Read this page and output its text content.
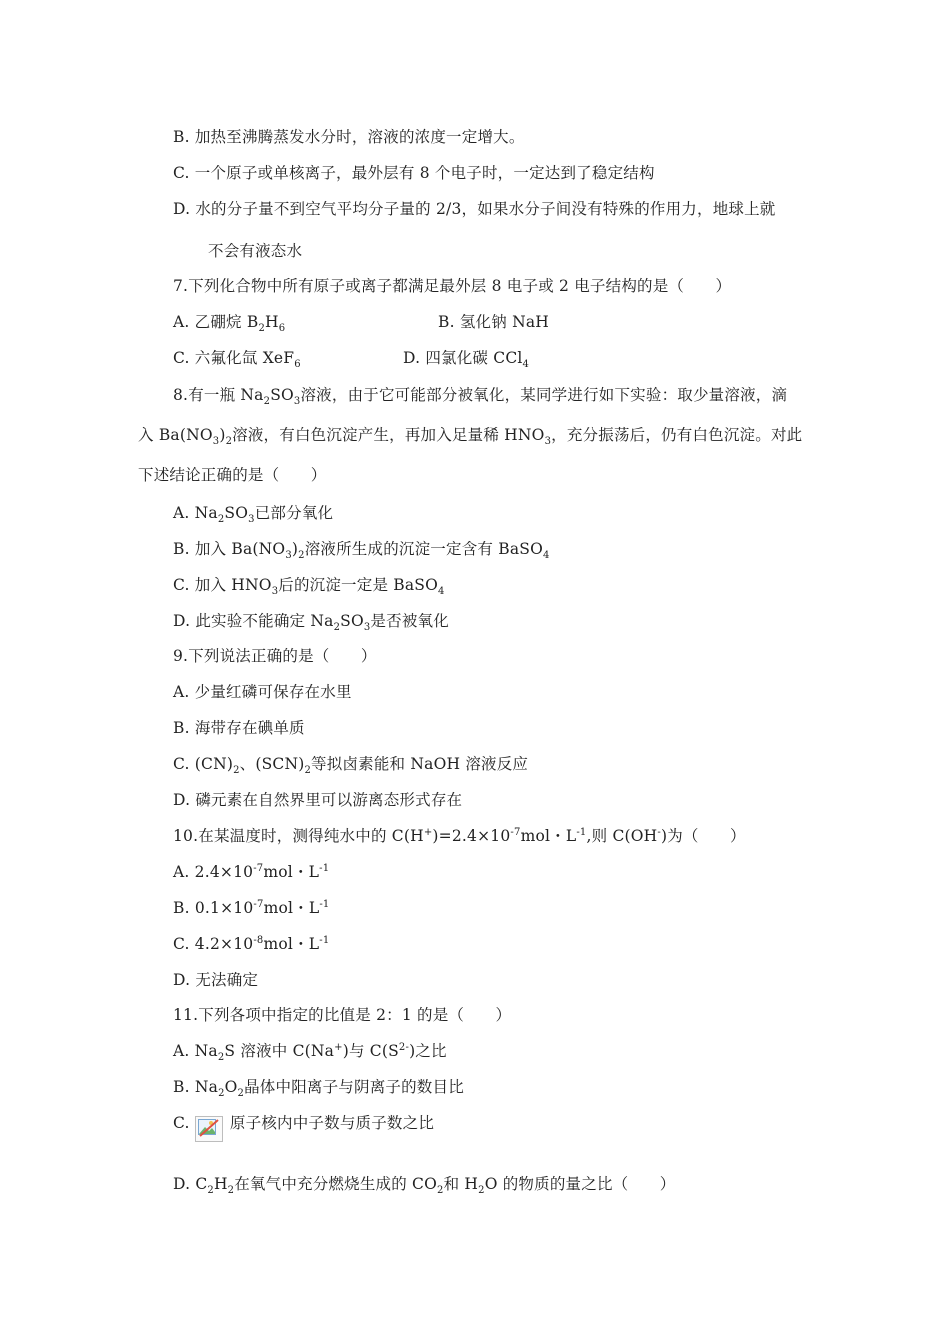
B. 加热至沸腾蒸发水分时，溶液的浓度一定增大。
C. 一个原子或单核离子，最外层有 8 个电子时，一定达到了稳定结构
D. 水的分子量不到空气平均分子量的 2/3，如果水分子间没有特殊的作用力，地球上就
不会有液态水
7.下列化合物中所有原子或离子都满足最外层 8 电子或 2 电子结构的是（　　）
A. 乙硼烷 $B_2H_6$	B. 氢化钠 NaH
C. 六氟化氙 XeF$_6$	D. 四氯化碳 CCl$_4$
8.有一瓶 $Na_2SO_3$溶液，由于它可能部分被氧化，某同学进行如下实验：取少量溶液，滴
入 $Ba(NO_3)_2$溶液，有白色沉淀产生，再加入足量稀 $HNO_3$，充分振荡后，仍有白色沉淀。对此
下述结论正确的是（　　）
A. $Na_2SO_3$已部分氧化
B. 加入 $Ba(NO_3)_2$溶液所生成的沉淀一定含有 BaSO$_4$
C. 加入 $HNO_3$后的沉淀一定是 BaSO$_4$
D. 此实验不能确定 $Na_2SO_3$是否被氧化
9.下列说法正确的是（　　）
A. 少量红磷可保存在水里
B. 海带存在碘单质
C. $(CN)_2$、$(SCN)_2$等拟卤素能和 NaOH 溶液反应
D. 磷元素在自然界里可以游离态形式存在
10.在某温度时，测得纯水中的 $C(H^+)=2.4\times 10^{-7}mol$・$L^{-1}$,则 C(OH-)为（　　）
A. $2.4\times 10^{-7}mol$・$L^{-1}$
B. $0.1\times 10^{-7}mol$・$L^{-1}$
C. $4.2\times 10^{-8}mol$・$L^{-1}$
D. 无法确定
11.下列各项中指定的比值是 2：1 的是（　　）
A. $Na_2S$ 溶液中 C(Na+)与 $C(S^{2-})$之比
B. $Na_2O_2$晶体中阳离子与阴离子的数目比
C.	原子核内中子数与质子数之比
D. $C_2H_2$在氧气中充分燃烧生成的 $CO_2$和 $H_2O$ 的物质的量之比（　　）
